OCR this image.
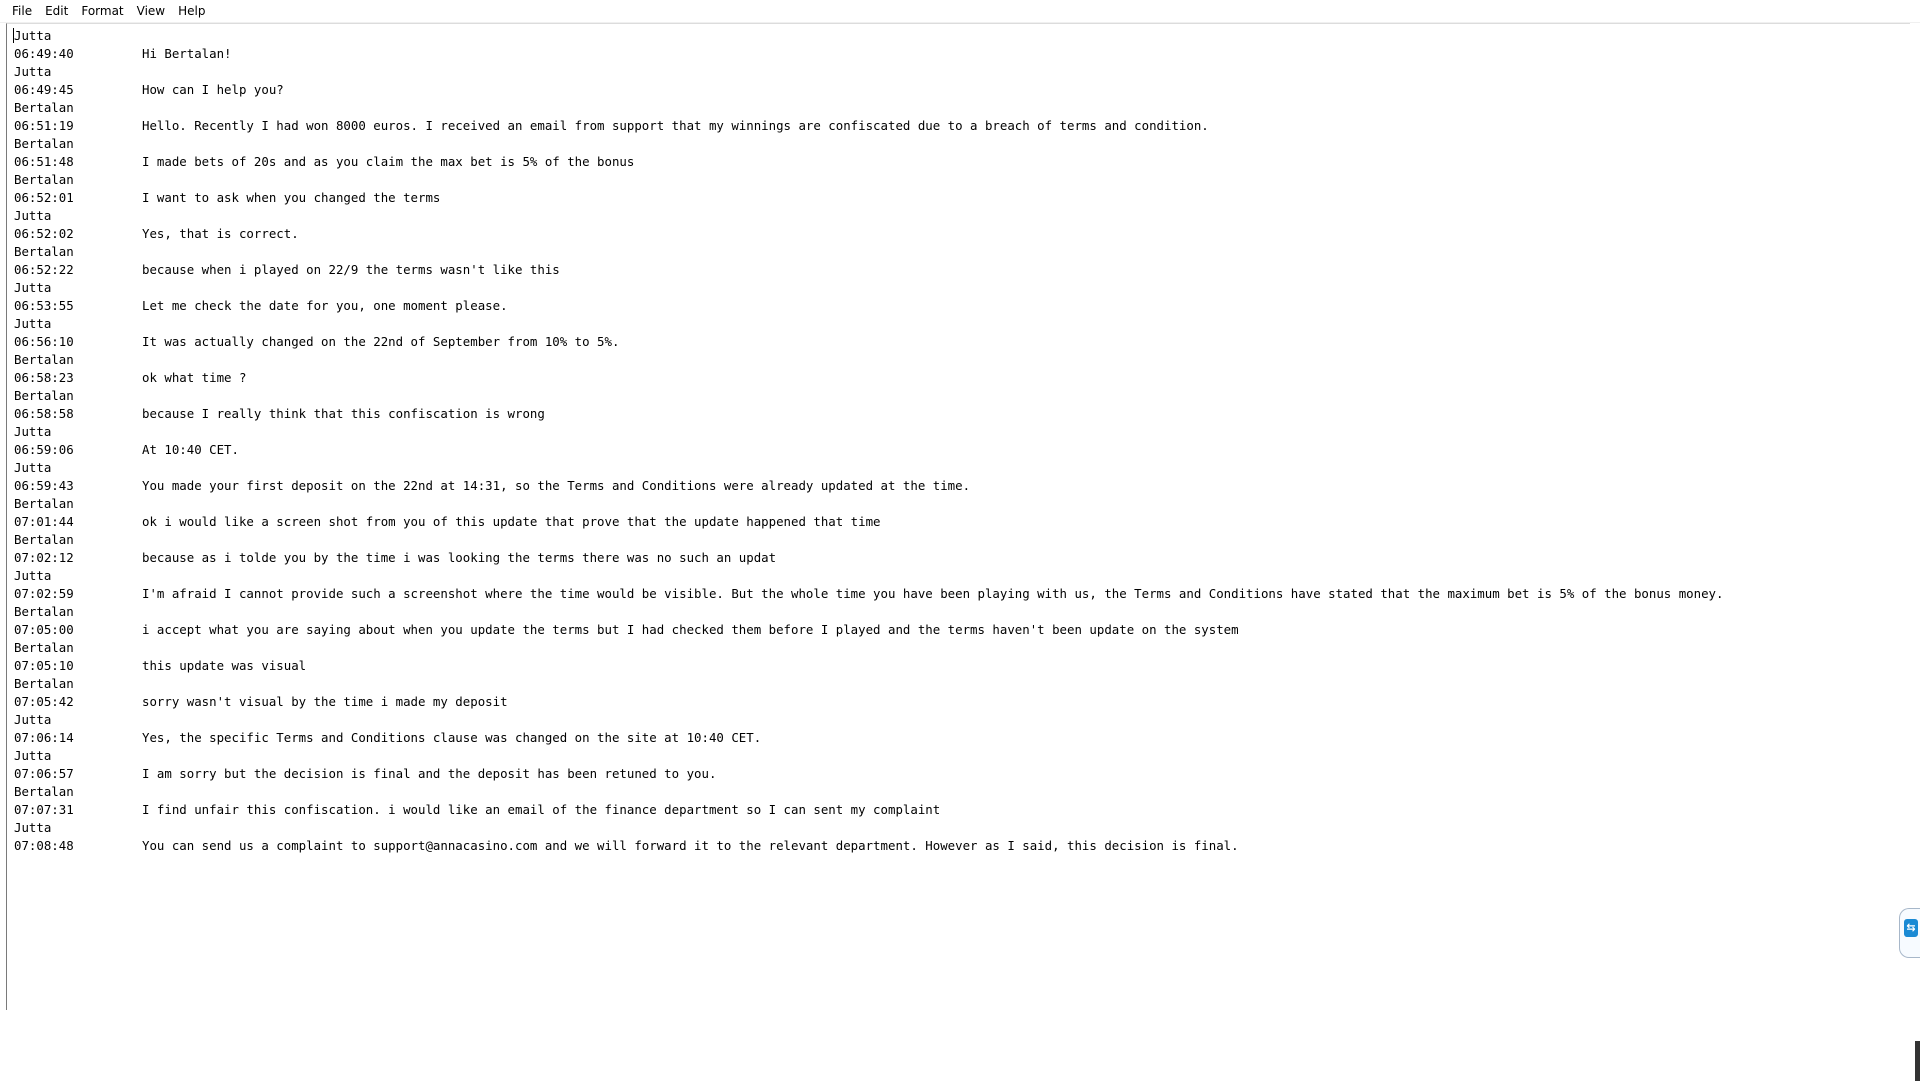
File	Edit	Format	View	Help
Jutta
06:49:40	Hi Bertalan!
Jutta
06:49:45	How can I help you?
Bertalan
06:51:19	Hello. Recently I had won 8000 euros. I received an email from support that my winnings are confiscated due to a breach of terms and condition.
Bertalan
06:51:48	I made bets of 20s and as you claim the max bet is 5% of the bonus
Bertalan
06:52:01	I want to ask when you changed the terms
Jutta
06:52:02	Yes, that is correct.
Bertalan
06:52:22	because when i played on 22/9 the terms wasn't like this
Jutta
06:53:55	Let me check the date for you, one moment please.
Jutta
06:56:10	It was actually changed on the 22nd of September from 10% to 5%.
Bertalan
06:58:23	ok what time ?
Bertalan
06:58:58	because I really think that this confiscation is wrong
Jutta
06:59:06	At 10:40 CET.
Jutta
06:59:43	You made your first deposit on the 22nd at 14:31, so the Terms and Conditions were already updated at the time.
Bertalan
07:01:44	ok i would like a screen shot from you of this update that prove that the update happened that time
Bertalan
07:02:12	because as i tolde you by the time i was looking the terms there was no such an updat
Jutta
07:02:59	I'm afraid I cannot provide such a screenshot where the time would be visible. But the whole time you have been playing with us, the Terms and Conditions have stated that the maximum bet is 5% of the bonus money.
Bertalan
07:05:00	i accept what you are saying about when you update the terms but I had checked them before I played and the terms haven't been update on the system
Bertalan
07:05:10	this update was visual
Bertalan
07:05:42	sorry wasn't visual by the time i made my deposit
Jutta
07:06:14	Yes, the specific Terms and Conditions clause was changed on the site at 10:40 CET.
Jutta
07:06:57	I am sorry but the decision is final and the deposit has been retuned to you.
Bertalan
07:07:31	I find unfair this confiscation. i would like an email of the finance department so I can sent my complaint
Jutta
07:08:48	You can send us a complaint to support@annacasino.com and we will forward it to the relevant department. However as I said, this decision is final.
⇆
